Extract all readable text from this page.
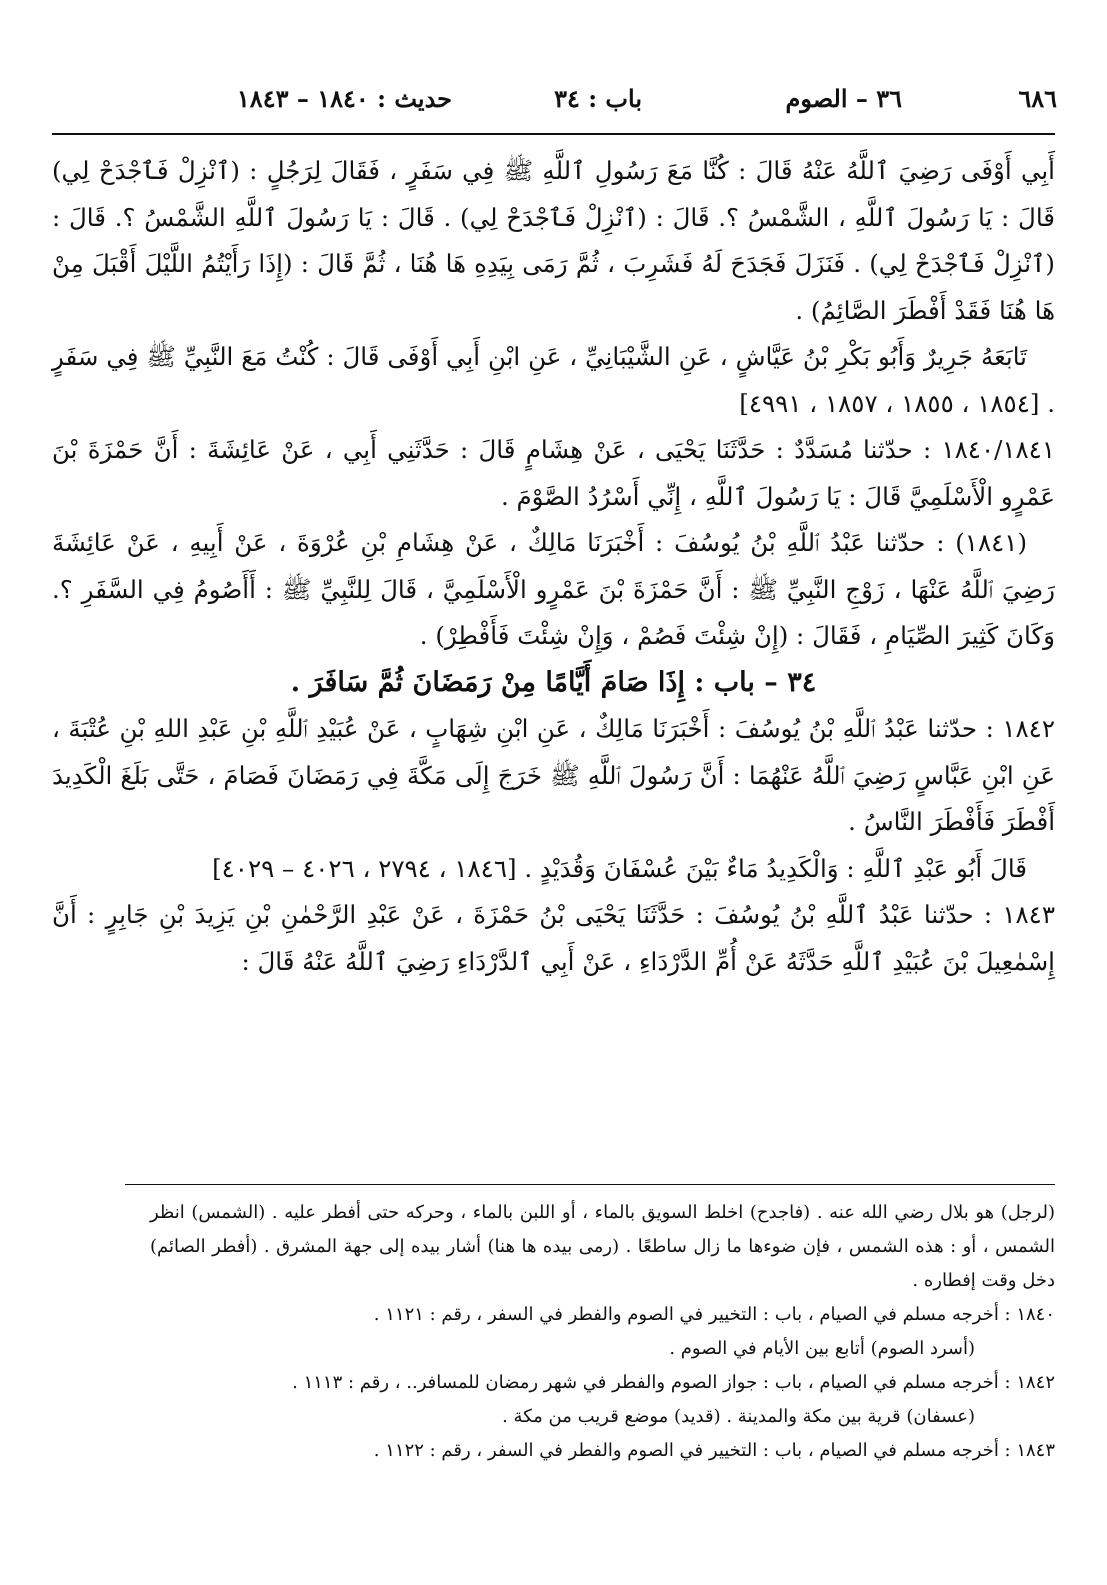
٦٨٦
٣٦ – الصوم
باب : ٣٤
حديث : ١٨٤٠ – ١٨٤٣

أَبِي أَوْفَى رَضِيَ ٱللَّهُ عَنْهُ قَالَ : كُنَّا مَعَ رَسُولِ ٱللَّهِ ﷺ فِي سَفَرٍ ، فَقَالَ لِرَجُلٍ : (ٱنْزِلْ فَٱجْدَحْ لِي) قَالَ : يَا رَسُولَ ٱللَّهِ ، الشَّمْسُ ؟. قَالَ : (ٱنْزِلْ فَٱجْدَحْ لِي) . قَالَ : يَا رَسُولَ ٱللَّهِ الشَّمْسُ ؟. قَالَ : (ٱنْزِلْ فَٱجْدَحْ لِي) . فَنَزَلَ فَجَدَحَ لَهُ فَشَرِبَ ، ثُمَّ رَمَى بِيَدِهِ هَا هُنَا ، ثُمَّ قَالَ : (إِذَا رَأَيْتُمُ اللَّيْلَ أَقْبَلَ مِنْ هَا هُنَا فَقَدْ أَفْطَرَ الصَّائِمُ) .

تَابَعَهُ جَرِيرٌ وَأَبُو بَكْرِ بْنُ عَيَّاشٍ ، عَنِ الشَّيْبَانِيِّ ، عَنِ ابْنِ أَبِي أَوْفَى قَالَ : كُنْتُ مَعَ النَّبِيِّ ﷺ فِي سَفَرٍ . [١٨٥٤ ، ١٨٥٥ ، ١٨٥٧ ، ٤٩٩١]

١٨٤٠/١٨٤١ : حدّثنا مُسَدَّدٌ : حَدَّثَنَا يَحْيَى ، عَنْ هِشَامٍ قَالَ : حَدَّثَنِي أَبِي ، عَنْ عَائِشَةَ : أَنَّ حَمْزَةَ بْنَ عَمْرٍو الْأَسْلَمِيَّ قَالَ : يَا رَسُولَ ٱللَّهِ ، إِنِّي أَسْرُدُ الصَّوْمَ .

(١٨٤١) : حدّثنا عَبْدُ ٱللَّهِ بْنُ يُوسُفَ : أَخْبَرَنَا مَالِكٌ ، عَنْ هِشَامِ بْنِ عُرْوَةَ ، عَنْ أَبِيهِ ، عَنْ عَائِشَةَ رَضِيَ ٱللَّهُ عَنْهَا ، زَوْجِ النَّبِيِّ ﷺ : أَنَّ حَمْزَةَ بْنَ عَمْرٍو الْأَسْلَمِيَّ ، قَالَ لِلنَّبِيِّ ﷺ : أَأَصُومُ فِي السَّفَرِ ؟. وَكَانَ كَثِيرَ الصِّيَامِ ، فَقَالَ : (إِنْ شِئْتَ فَصُمْ ، وَإِنْ شِئْتَ فَأَفْطِرْ) .

٣٤ – باب : إِذَا صَامَ أَيَّامًا مِنْ رَمَضَانَ ثُمَّ سَافَرَ .

١٨٤٢ : حدّثنا عَبْدُ ٱللَّهِ بْنُ يُوسُفَ : أَخْبَرَنَا مَالِكٌ ، عَنِ ابْنِ شِهَابٍ ، عَنْ عُبَيْدِ ٱللَّهِ بْنِ عَبْدِ اللهِ بْنِ عُتْبَةَ ، عَنِ ابْنِ عَبَّاسٍ رَضِيَ ٱللَّهُ عَنْهُمَا : أَنَّ رَسُولَ ٱللَّهِ ﷺ خَرَجَ إِلَى مَكَّةَ فِي رَمَضَانَ فَصَامَ ، حَتَّى بَلَغَ الْكَدِيدَ أَفْطَرَ فَأَفْطَرَ النَّاسُ .

قَالَ أَبُو عَبْدِ ٱللَّهِ : وَالْكَدِيدُ مَاءٌ بَيْنَ عُسْفَانَ وَقُدَيْدٍ . [١٨٤٦ ، ٢٧٩٤ ، ٤٠٢٦ – ٤٠٢٩]

١٨٤٣ : حدّثنا عَبْدُ ٱللَّهِ بْنُ يُوسُفَ : حَدَّثَنَا يَحْيَى بْنُ حَمْزَةَ ، عَنْ عَبْدِ الرَّحْمٰنِ بْنِ يَزِيدَ بْنِ جَابِرٍ : أَنَّ إِسْمٰعِيلَ بْنَ عُبَيْدِ ٱللَّهِ حَدَّثَهُ عَنْ أُمِّ الدَّرْدَاءِ ، عَنْ أَبِي ٱلدَّرْدَاءِ رَضِيَ ٱللَّهُ عَنْهُ قَالَ :

(لرجل) هو بلال رضي الله عنه . (فاجدح) اخلط السويق بالماء ، أو اللبن بالماء ، وحركه حتى أفطر عليه . (الشمس) انظر الشمس ، أو : هذه الشمس ، فإن ضوءها ما زال ساطعًا . (رمى بيده ها هنا) أشار بيده إلى جهة المشرق . (أفطر الصائم) دخل وقت إفطاره .

١٨٤٠ : أخرجه مسلم في الصيام ، باب : التخيير في الصوم والفطر في السفر ، رقم : ١١٢١ .

(أسرد الصوم) أتابع بين الأيام في الصوم .

١٨٤٢ : أخرجه مسلم في الصيام ، باب : جواز الصوم والفطر في شهر رمضان للمسافر.. ، رقم : ١١١٣ .

(عسفان) قرية بين مكة والمدينة . (قديد) موضع قريب من مكة .

١٨٤٣ : أخرجه مسلم في الصيام ، باب : التخيير في الصوم والفطر في السفر ، رقم : ١١٢٢ .
